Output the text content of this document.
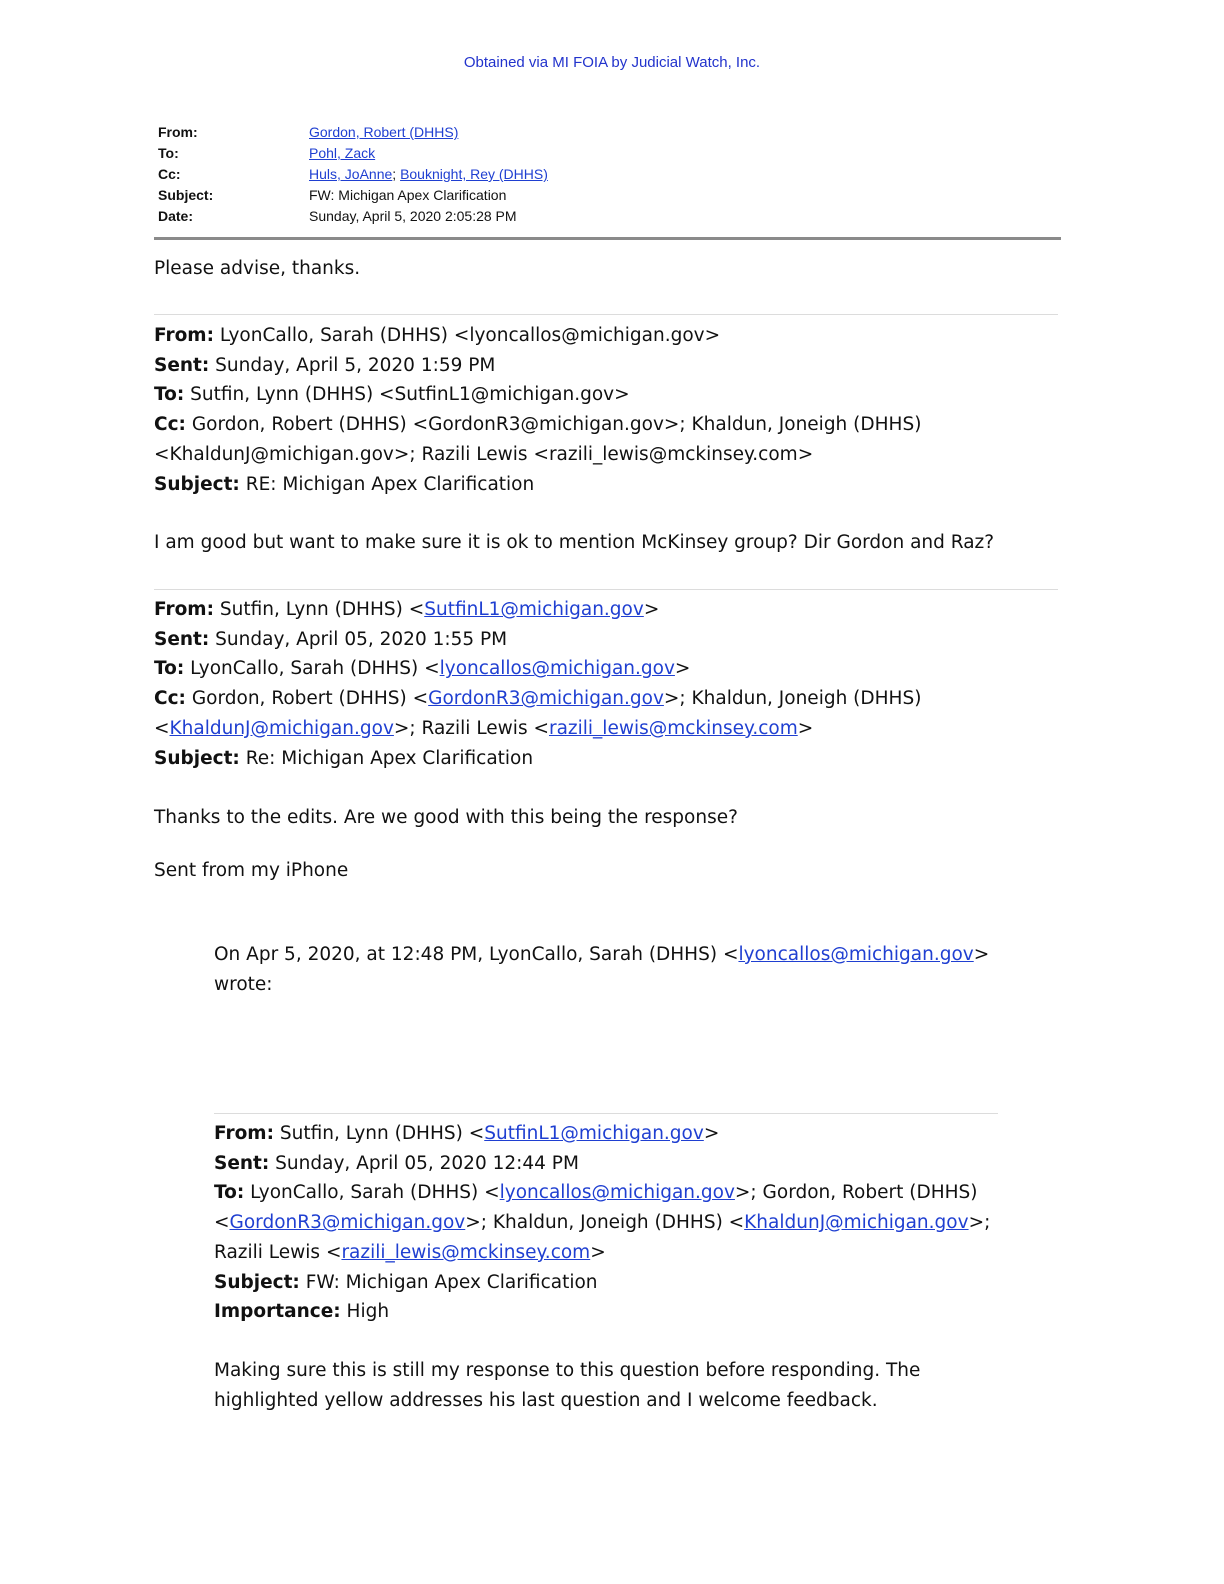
Obtained via MI FOIA by Judicial Watch, Inc.
From:	Gordon, Robert (DHHS)
To:	Pohl, Zack
Cc:	Huls, JoAnne; Bouknight, Rey (DHHS)
Subject:	FW: Michigan Apex Clarification
Date:	Sunday, April 5, 2020 2:05:28 PM
Please advise, thanks.
From: LyonCallo, Sarah (DHHS) <lyoncallos@michigan.gov>
Sent: Sunday, April 5, 2020 1:59 PM
To: Sutfin, Lynn (DHHS) <SutfinL1@michigan.gov>
Cc: Gordon, Robert (DHHS) <GordonR3@michigan.gov>; Khaldun, Joneigh (DHHS)
<KhaldunJ@michigan.gov>; Razili Lewis <razili_lewis@mckinsey.com>
Subject: RE: Michigan Apex Clarification
I am good but want to make sure it is ok to mention McKinsey group? Dir Gordon and Raz?
From: Sutfin, Lynn (DHHS) <SutfinL1@michigan.gov>
Sent: Sunday, April 05, 2020 1:55 PM
To: LyonCallo, Sarah (DHHS) <lyoncallos@michigan.gov>
Cc: Gordon, Robert (DHHS) <GordonR3@michigan.gov>; Khaldun, Joneigh (DHHS)
<KhaldunJ@michigan.gov>; Razili Lewis <razili_lewis@mckinsey.com>
Subject: Re: Michigan Apex Clarification
Thanks to the edits. Are we good with this being the response?
Sent from my iPhone
On Apr 5, 2020, at 12:48 PM, LyonCallo, Sarah (DHHS) <lyoncallos@michigan.gov>
wrote:
From: Sutfin, Lynn (DHHS) <SutfinL1@michigan.gov>
Sent: Sunday, April 05, 2020 12:44 PM
To: LyonCallo, Sarah (DHHS) <lyoncallos@michigan.gov>; Gordon, Robert (DHHS)
<GordonR3@michigan.gov>; Khaldun, Joneigh (DHHS) <KhaldunJ@michigan.gov>;
Razili Lewis <razili_lewis@mckinsey.com>
Subject: FW: Michigan Apex Clarification
Importance: High
Making sure this is still my response to this question before responding. The
highlighted yellow addresses his last question and I welcome feedback.
